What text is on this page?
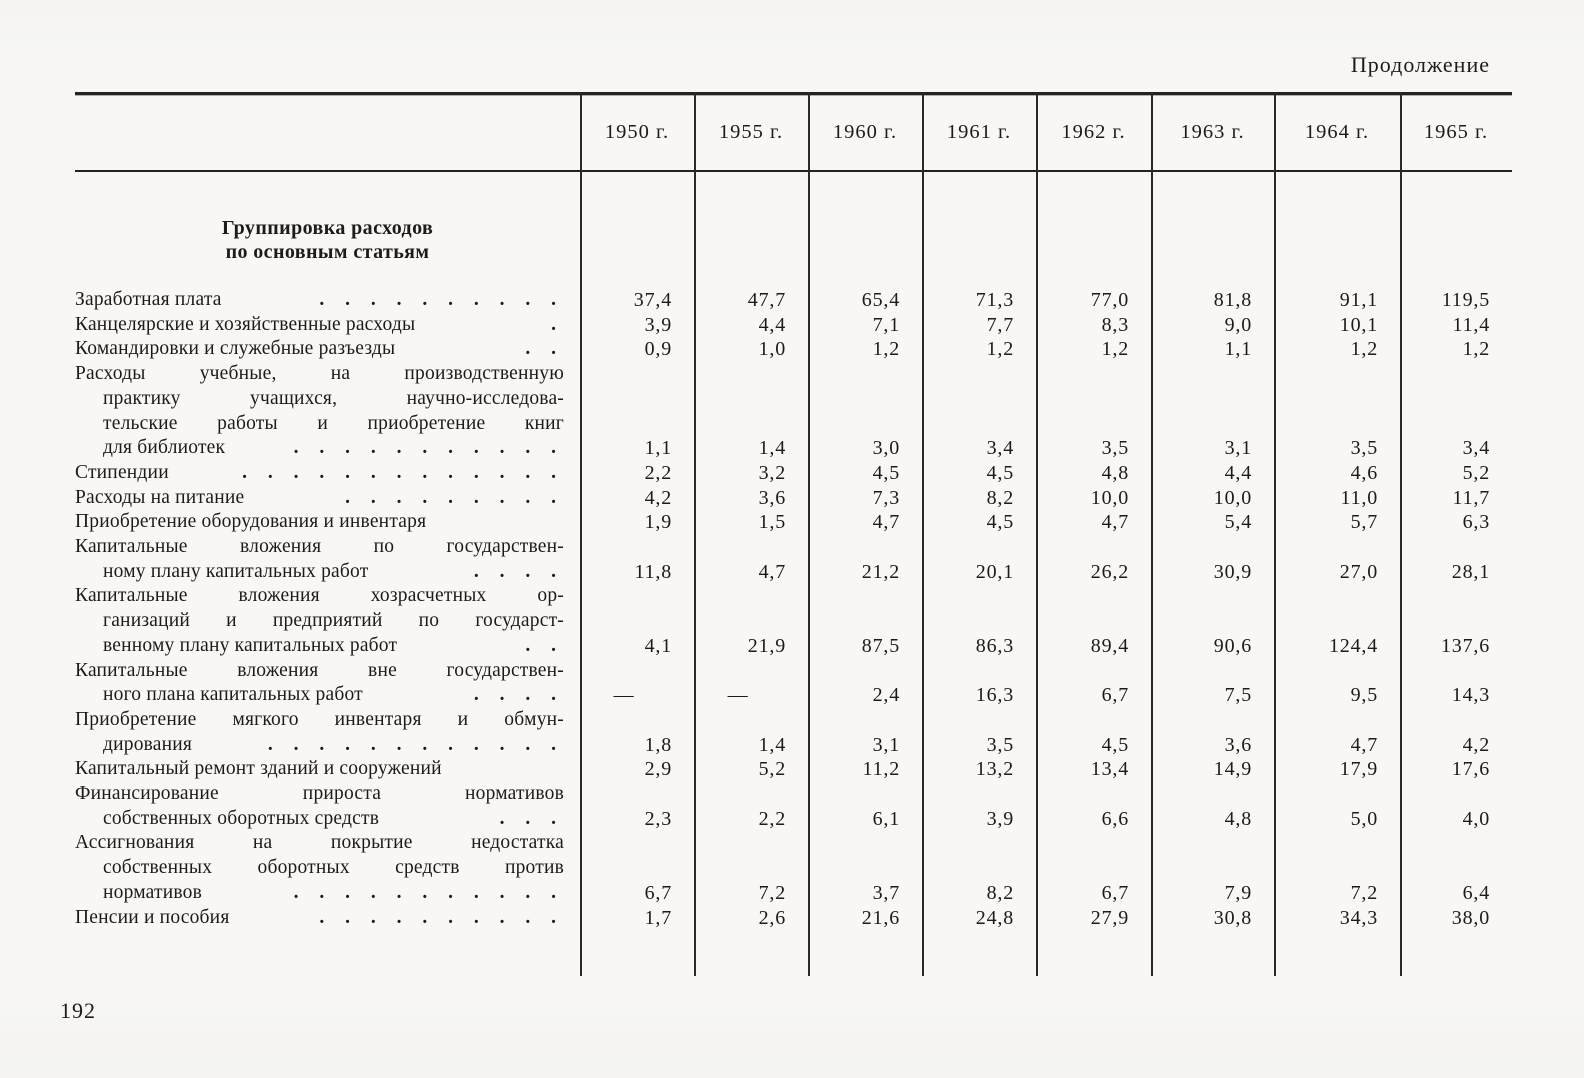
Продолжение
1950 г.	1955 г.	1960 г.	1961 г.	1962 г.	1963 г.	1964 г.	1965 г.
Группировка расходов
по основным статьям
Заработная плата	. . . . . . . . . .	37,4	47,7	65,4	71,3	77,0	81,8	91,1	119,5
Канцелярские и хозяйственные расходы	.	3,9	4,4	7,1	7,7	8,3	9,0	10,1	11,4
Командировки и служебные разъезды	. .	0,9	1,0	1,2	1,2	1,2	1,1	1,2	1,2
Расходы учебные, на производственную
практику учащихся, научно-исследова-
тельские работы и приобретение книг
для библиотек	. . . . . . . . . . .	1,1	1,4	3,0	3,4	3,5	3,1	3,5	3,4
Стипендии	. . . . . . . . . . . . .	2,2	3,2	4,5	4,5	4,8	4,4	4,6	5,2
Расходы на питание	. . . . . . . . .	4,2	3,6	7,3	8,2	10,0	10,0	11,0	11,7
Приобретение оборудования и инвентаря	1,9	1,5	4,7	4,5	4,7	5,4	5,7	6,3
Капитальные вложения по государствен-
ному плану капитальных работ	. . . .	11,8	4,7	21,2	20,1	26,2	30,9	27,0	28,1
Капитальные вложения хозрасчетных ор-
ганизаций и предприятий по государст-
венному плану капитальных работ	. .	4,1	21,9	87,5	86,3	89,4	90,6	124,4	137,6
Капитальные вложения вне государствен-
ного плана капитальных работ	. . . .	—	—	2,4	16,3	6,7	7,5	9,5	14,3
Приобретение мягкого инвентаря и обмун-
дирования	. . . . . . . . . . . .	1,8	1,4	3,1	3,5	4,5	3,6	4,7	4,2
Капитальный ремонт зданий и сооружений	2,9	5,2	11,2	13,2	13,4	14,9	17,9	17,6
Финансирование прироста нормативов
собственных оборотных средств	. . .	2,3	2,2	6,1	3,9	6,6	4,8	5,0	4,0
Ассигнования на покрытие недостатка
собственных оборотных средств против
нормативов	. . . . . . . . . . .	6,7	7,2	3,7	8,2	6,7	7,9	7,2	6,4
Пенсии и пособия	. . . . . . . . . .	1,7	2,6	21,6	24,8	27,9	30,8	34,3	38,0
192
